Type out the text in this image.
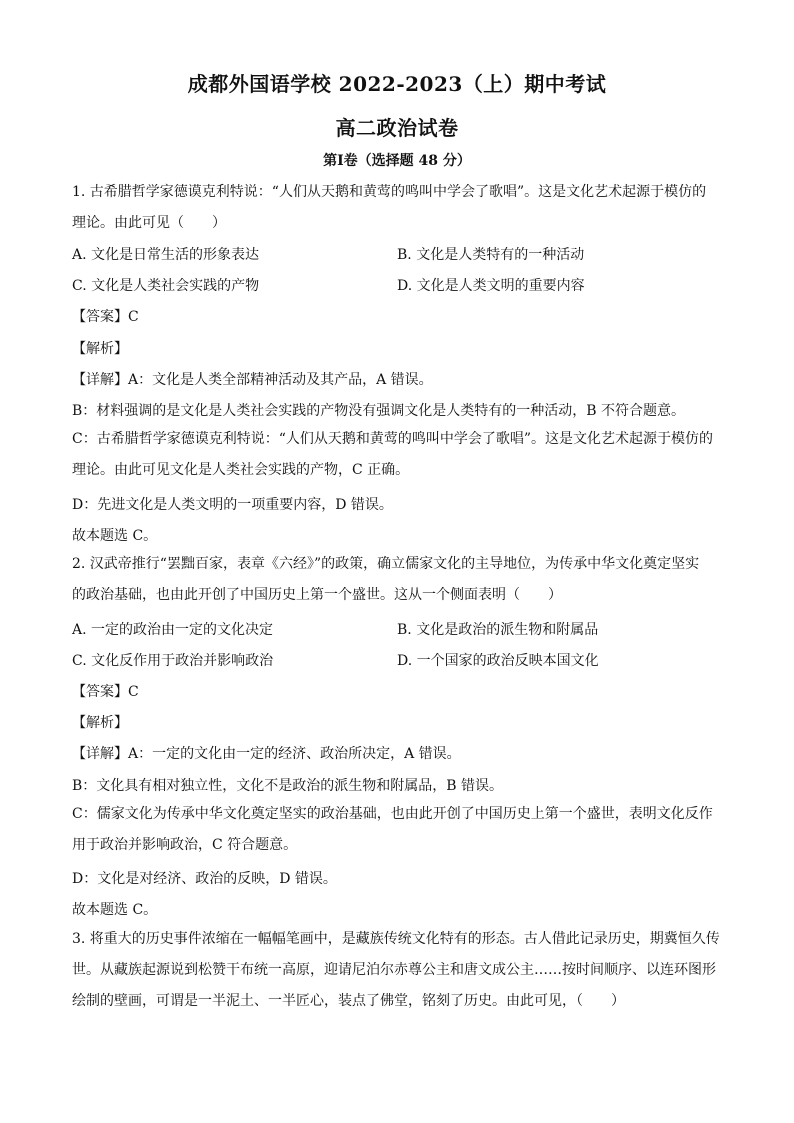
成都外国语学校 2022-2023（上）期中考试
高二政治试卷
第Ⅰ卷（选择题 48 分）
1. 古希腊哲学家德谟克利特说：“人们从天鹅和黄莺的鸣叫中学会了歌唱”。这是文化艺术起源于模仿的
理论。由此可见（　　）
A. 文化是日常生活的形象表达	B. 文化是人类特有的一种活动
C. 文化是人类社会实践的产物	D. 文化是人类文明的重要内容
【答案】C
【解析】
【详解】A：文化是人类全部精神活动及其产品，A 错误。
B：材料强调的是文化是人类社会实践的产物没有强调文化是人类特有的一种活动，B 不符合题意。
C：古希腊哲学家德谟克利特说：“人们从天鹅和黄莺的鸣叫中学会了歌唱”。这是文化艺术起源于模仿的
理论。由此可见文化是人类社会实践的产物，C 正确。
D：先进文化是人类文明的一项重要内容，D 错误。
故本题选 C。
2. 汉武帝推行“罢黜百家，表章《六经》”的政策，确立儒家文化的主导地位，为传承中华文化奠定坚实
的政治基础，也由此开创了中国历史上第一个盛世。这从一个侧面表明（　　）
A. 一定的政治由一定的文化决定	B. 文化是政治的派生物和附属品
C. 文化反作用于政治并影响政治	D. 一个国家的政治反映本国文化
【答案】C
【解析】
【详解】A：一定的文化由一定的经济、政治所决定，A 错误。
B：文化具有相对独立性，文化不是政治的派生物和附属品，B 错误。
C：儒家文化为传承中华文化奠定坚实的政治基础，也由此开创了中国历史上第一个盛世，表明文化反作
用于政治并影响政治，C 符合题意。
D：文化是对经济、政治的反映，D 错误。
故本题选 C。
3. 将重大的历史事件浓缩在一幅幅笔画中，是藏族传统文化特有的形态。古人借此记录历史，期冀恒久传
世。从藏族起源说到松赞干布统一高原，迎请尼泊尔赤尊公主和唐文成公主……按时间顺序、以连环图形
绘制的壁画，可谓是一半泥土、一半匠心，装点了佛堂，铭刻了历史。由此可见，（　　）
